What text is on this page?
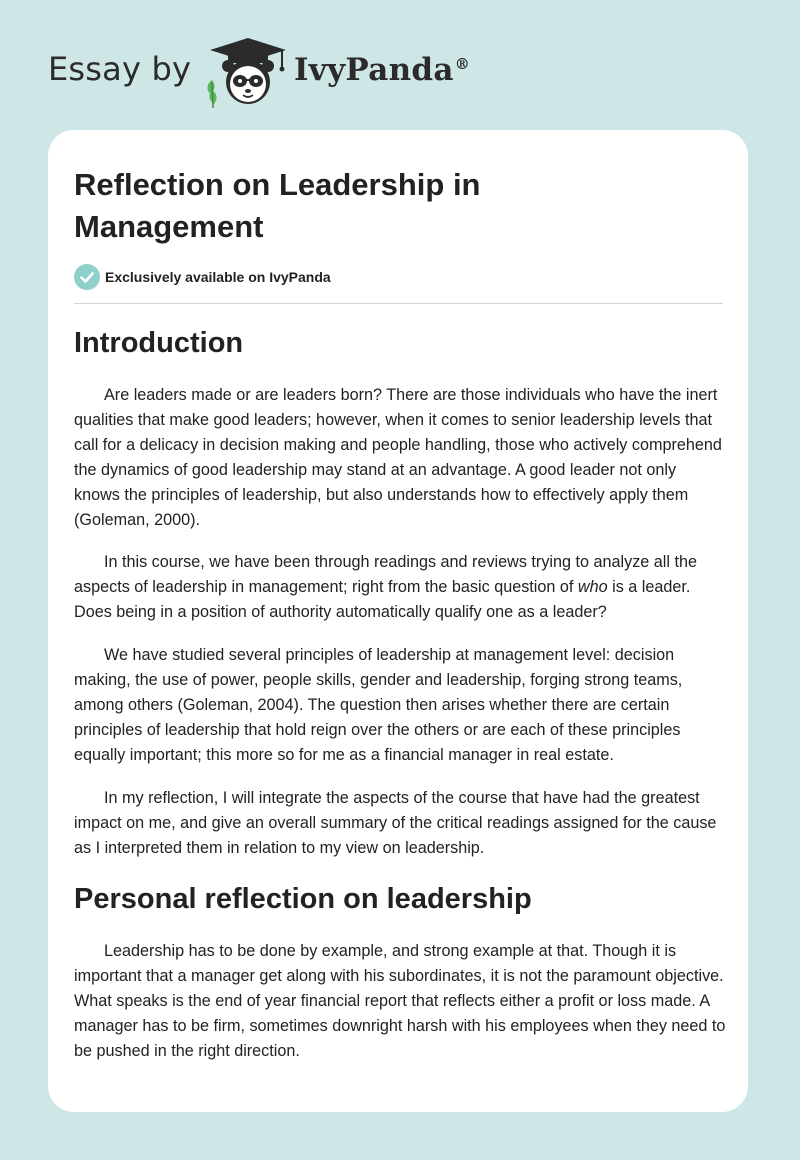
Essay by	IvyPanda®
Reflection on Leadership in Management
Exclusively available on IvyPanda
Introduction

Are leaders made or are leaders born? There are those individuals who have the inert qualities that make good leaders; however, when it comes to senior leadership levels that call for a delicacy in decision making and people handling, those who actively comprehend the dynamics of good leadership may stand at an advantage. A good leader not only knows the principles of leadership, but also understands how to effectively apply them (Goleman, 2000).

In this course, we have been through readings and reviews trying to analyze all the aspects of leadership in management; right from the basic question of who is a leader. Does being in a position of authority automatically qualify one as a leader?

We have studied several principles of leadership at management level: decision making, the use of power, people skills, gender and leadership, forging strong teams, among others (Goleman, 2004). The question then arises whether there are certain principles of leadership that hold reign over the others or are each of these principles equally important; this more so for me as a financial manager in real estate.

In my reflection, I will integrate the aspects of the course that have had the greatest impact on me, and give an overall summary of the critical readings assigned for the cause as I interpreted them in relation to my view on leadership.

Personal reflection on leadership

Leadership has to be done by example, and strong example at that. Though it is important that a manager get along with his subordinates, it is not the paramount objective. What speaks is the end of year financial report that reflects either a profit or loss made. A manager has to be firm, sometimes downright harsh with his employees when they need to be pushed in the right direction.
